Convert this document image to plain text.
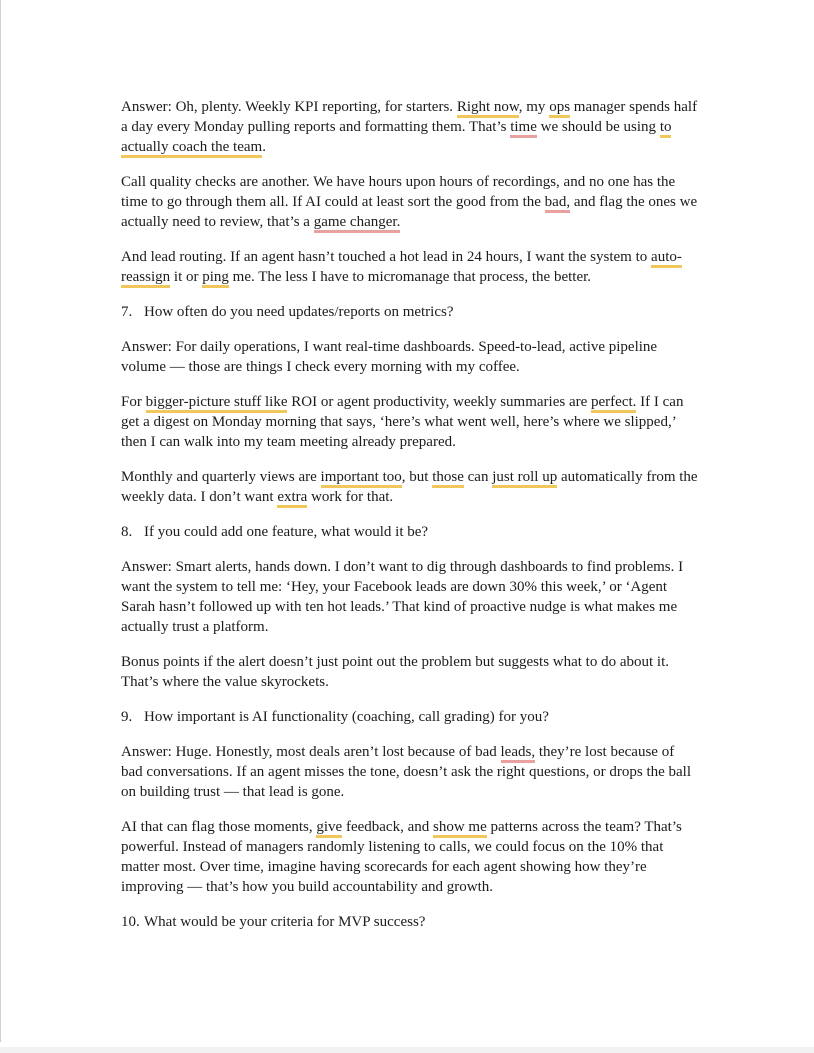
Answer: Oh, plenty. Weekly KPI reporting, for starters. Right now, my ops manager spends half a day every Monday pulling reports and formatting them. That’s time we should be using to actually coach the team.

Call quality checks are another. We have hours upon hours of recordings, and no one has the time to go through them all. If AI could at least sort the good from the bad, and flag the ones we actually need to review, that’s a game changer.

And lead routing. If an agent hasn’t touched a hot lead in 24 hours, I want the system to auto-reassign it or ping me. The less I have to micromanage that process, the better.

7. How often do you need updates/reports on metrics?

Answer: For daily operations, I want real-time dashboards. Speed-to-lead, active pipeline volume — those are things I check every morning with my coffee.

For bigger-picture stuff like ROI or agent productivity, weekly summaries are perfect. If I can get a digest on Monday morning that says, ‘here’s what went well, here’s where we slipped,’ then I can walk into my team meeting already prepared.

Monthly and quarterly views are important too, but those can just roll up automatically from the weekly data. I don’t want extra work for that.

8. If you could add one feature, what would it be?

Answer: Smart alerts, hands down. I don’t want to dig through dashboards to find problems. I want the system to tell me: ‘Hey, your Facebook leads are down 30% this week,’ or ‘Agent Sarah hasn’t followed up with ten hot leads.’ That kind of proactive nudge is what makes me actually trust a platform.

Bonus points if the alert doesn’t just point out the problem but suggests what to do about it. That’s where the value skyrockets.

9. How important is AI functionality (coaching, call grading) for you?

Answer: Huge. Honestly, most deals aren’t lost because of bad leads, they’re lost because of bad conversations. If an agent misses the tone, doesn’t ask the right questions, or drops the ball on building trust — that lead is gone.

AI that can flag those moments, give feedback, and show me patterns across the team? That’s powerful. Instead of managers randomly listening to calls, we could focus on the 10% that matter most. Over time, imagine having scorecards for each agent showing how they’re improving — that’s how you build accountability and growth.

10. What would be your criteria for MVP success?
